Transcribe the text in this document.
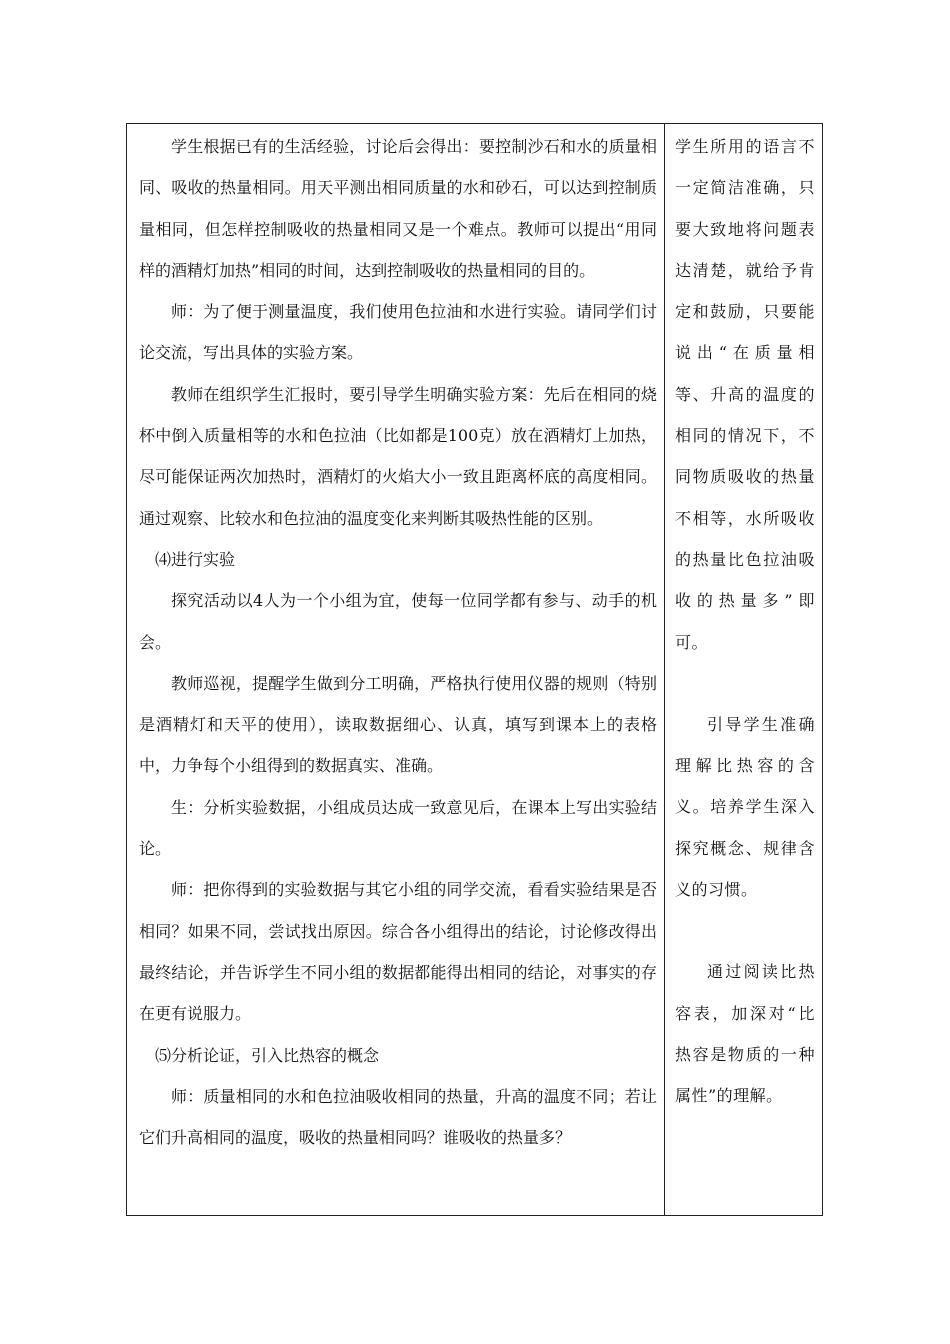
学生根据已有的生活经验，讨论后会得出：要控制沙石和水的质量相同、吸收的热量相同。用天平测出相同质量的水和砂石，可以达到控制质量相同，但怎样控制吸收的热量相同又是一个难点。教师可以提出“用同样的酒精灯加热”相同的时间，达到控制吸收的热量相同的目的。

师：为了便于测量温度，我们使用色拉油和水进行实验。请同学们讨论交流，写出具体的实验方案。

教师在组织学生汇报时，要引导学生明确实验方案：先后在相同的烧杯中倒入质量相等的水和色拉油（比如都是100克）放在酒精灯上加热，尽可能保证两次加热时，酒精灯的火焰大小一致且距离杯底的高度相同。通过观察、比较水和色拉油的温度变化来判断其吸热性能的区别。

⑷进行实验

探究活动以4人为一个小组为宜，使每一位同学都有参与、动手的机会。

教师巡视，提醒学生做到分工明确，严格执行使用仪器的规则（特别是酒精灯和天平的使用），读取数据细心、认真，填写到课本上的表格中，力争每个小组得到的数据真实、准确。

生：分析实验数据，小组成员达成一致意见后，在课本上写出实验结论。

师：把你得到的实验数据与其它小组的同学交流，看看实验结果是否相同？如果不同，尝试找出原因。综合各小组得出的结论，讨论修改得出最终结论，并告诉学生不同小组的数据都能得出相同的结论，对事实的存在更有说服力。

⑸分析论证，引入比热容的概念

师：质量相同的水和色拉油吸收相同的热量，升高的温度不同；若让它们升高相同的温度，吸收的热量相同吗？谁吸收的热量多？

学生所用的语言不一定简洁准确，只要大致地将问题表达清楚，就给予肯定和鼓励，只要能说出“在质量相等、升高的温度的相同的情况下，不同物质吸收的热量不相等，水所吸收的热量比色拉油吸收的热量多”即可。

引导学生准确理解比热容的含义。培养学生深入探究概念、规律含义的习惯。

通过阅读比热容表，加深对“比热容是物质的一种属性”的理解。
